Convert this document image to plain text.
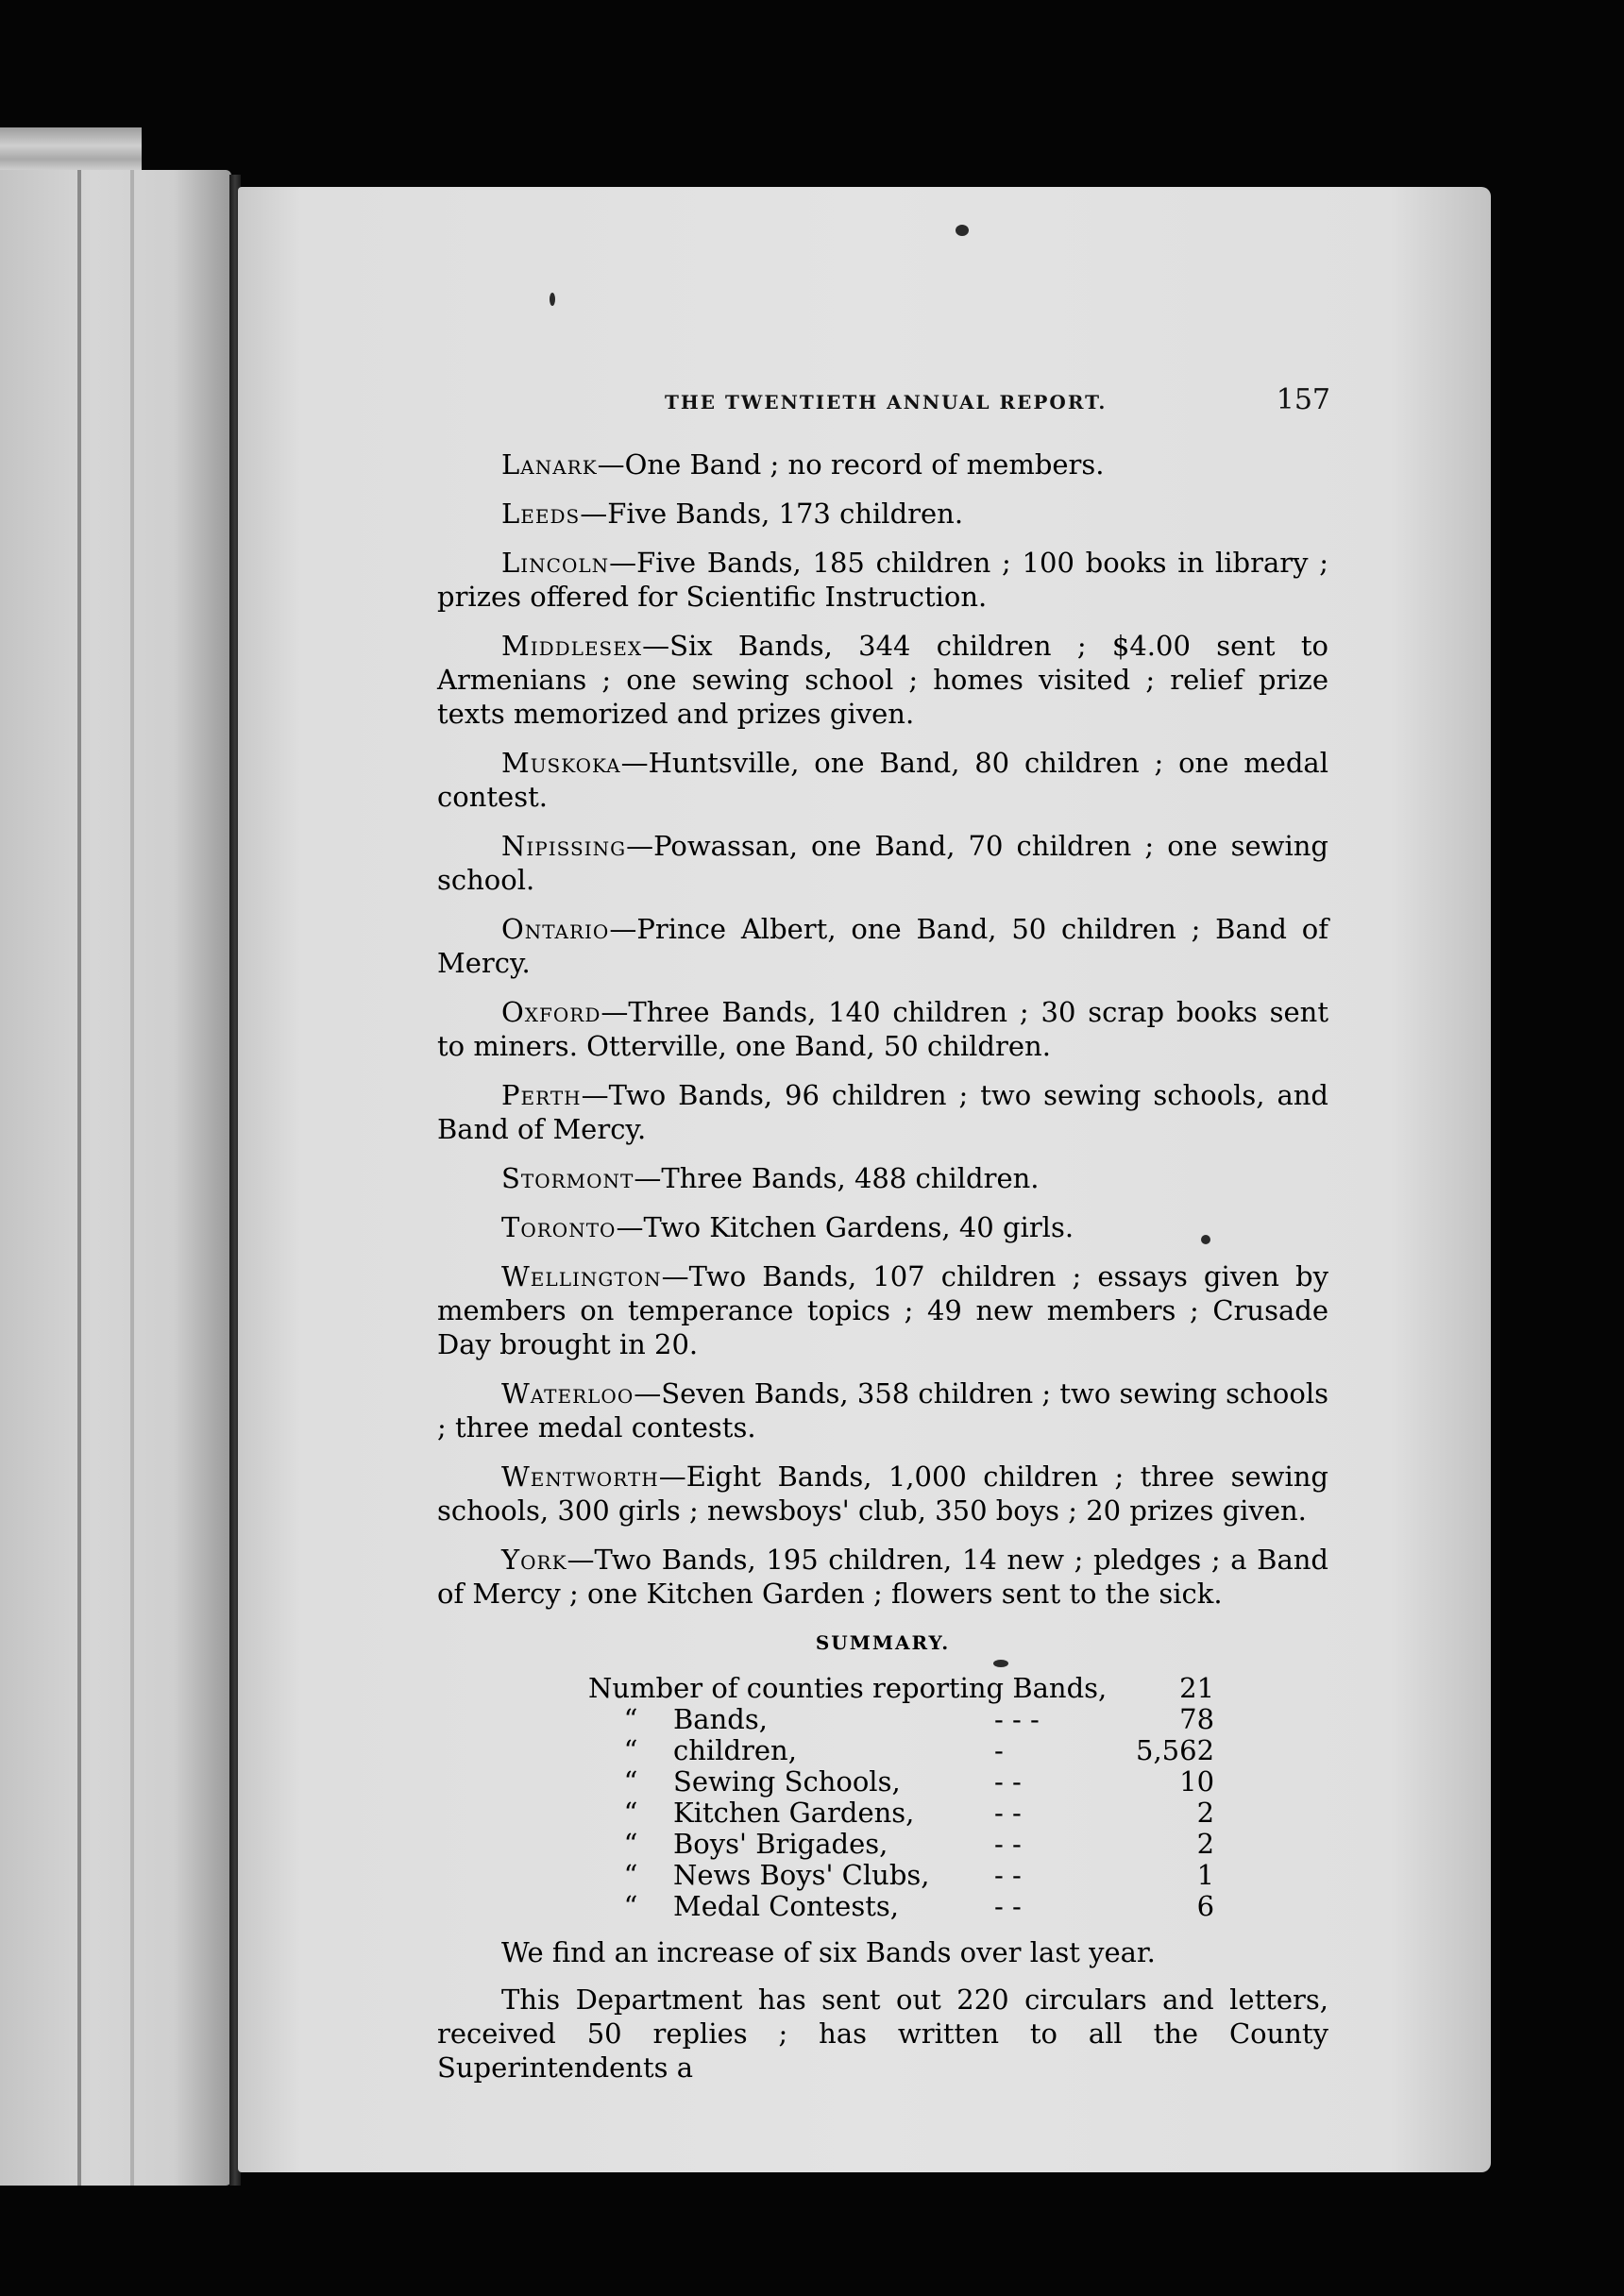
THE TWENTIETH ANNUAL REPORT.	157

Lanark—One Band ; no record of members.

Leeds—Five Bands, 173 children.

Lincoln—Five Bands, 185 children ; 100 books in library ; prizes offered for Scientific Instruction.

Middlesex—Six Bands, 344 children ; $4.00 sent to Armenians ; one sewing school ; homes visited ; relief prize texts memorized and prizes given.

Muskoka—Huntsville, one Band, 80 children ; one medal contest.

Nipissing—Powassan, one Band, 70 children ; one sewing school.

Ontario—Prince Albert, one Band, 50 children ; Band of Mercy.

Oxford—Three Bands, 140 children ; 30 scrap books sent to miners. Otterville, one Band, 50 children.

Perth—Two Bands, 96 children ; two sewing schools, and Band of Mercy.

Stormont—Three Bands, 488 children.

Toronto—Two Kitchen Gardens, 40 girls.

Wellington—Two Bands, 107 children ; essays given by members on temperance topics ; 49 new members ; Crusade Day brought in 20.

Waterloo—Seven Bands, 358 children ; two sewing schools ; three medal contests.

Wentworth—Eight Bands, 1,000 children ; three sewing schools, 300 girls ; newsboys' club, 350 boys ; 20 prizes given.

York—Two Bands, 195 children, 14 new ; pledges ; a Band of Mercy ; one Kitchen Garden ; flowers sent to the sick.

SUMMARY.
Number of counties reporting Bands,			21
“	Bands,	- - -	78
“	children,	-	5,562
“	Sewing Schools,	- -	10
“	Kitchen Gardens,	- -	2
“	Boys' Brigades,	- -	2
“	News Boys' Clubs,	- -	1
“	Medal Contests,	- -	6

We find an increase of six Bands over last year.

This Department has sent out 220 circulars and letters, received 50 replies ; has written to all the County Superintendents a
